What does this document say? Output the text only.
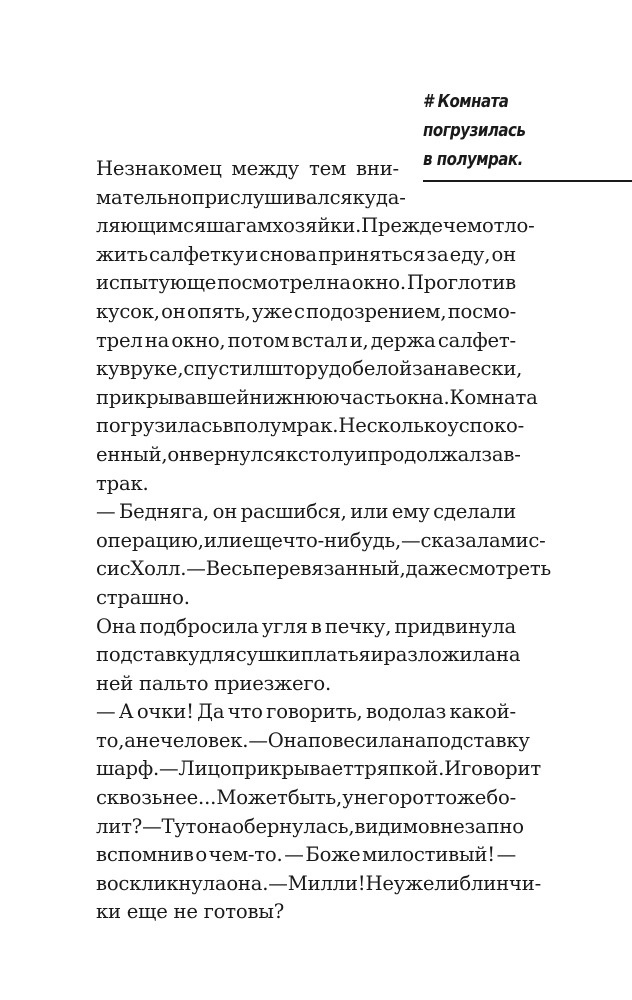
# Комната
погрузилась
в полумрак.
Незнакомец между тем вни-
мательно прислушивался к уда-
ляющимся шагам хозяйки. Прежде чем отло-
жить салфетку и снова приняться за еду, он
испытующе посмотрел на окно. Проглотив
кусок, он опять, уже с подозрением, посмо-
трел на окно, потом встал и, держа салфет-
ку в руке, спустил штору до белой занавески,
прикрывавшей нижнюю часть окна. Комната
погрузилась в полумрак. Несколько успоко-
енный, он вернулся к столу и продолжал зав-
трак.
— Бедняга, он расшибся, или ему сделали
операцию, или еще что-нибудь, — сказала мис-
сис Холл. — Весь перевязанный, даже смотреть
страшно.
Она подбросила угля в печку, придвинула
подставку для сушки платья и разложила на
ней пальто приезжего.
— А очки! Да что говорить, водолаз какой-
то, а не человек. — Она повесила на подставку
шарф. — Лицо прикрывает тряпкой. И говорит
сквозь нее... Может быть, у него рот тоже бо-
лит? — Тут она обернулась, видимо внезапно
вспомнив о чем-то. — Боже милостивый! —
воскликнула она. — Милли! Неужели блинчи-
ки еще не готовы?
